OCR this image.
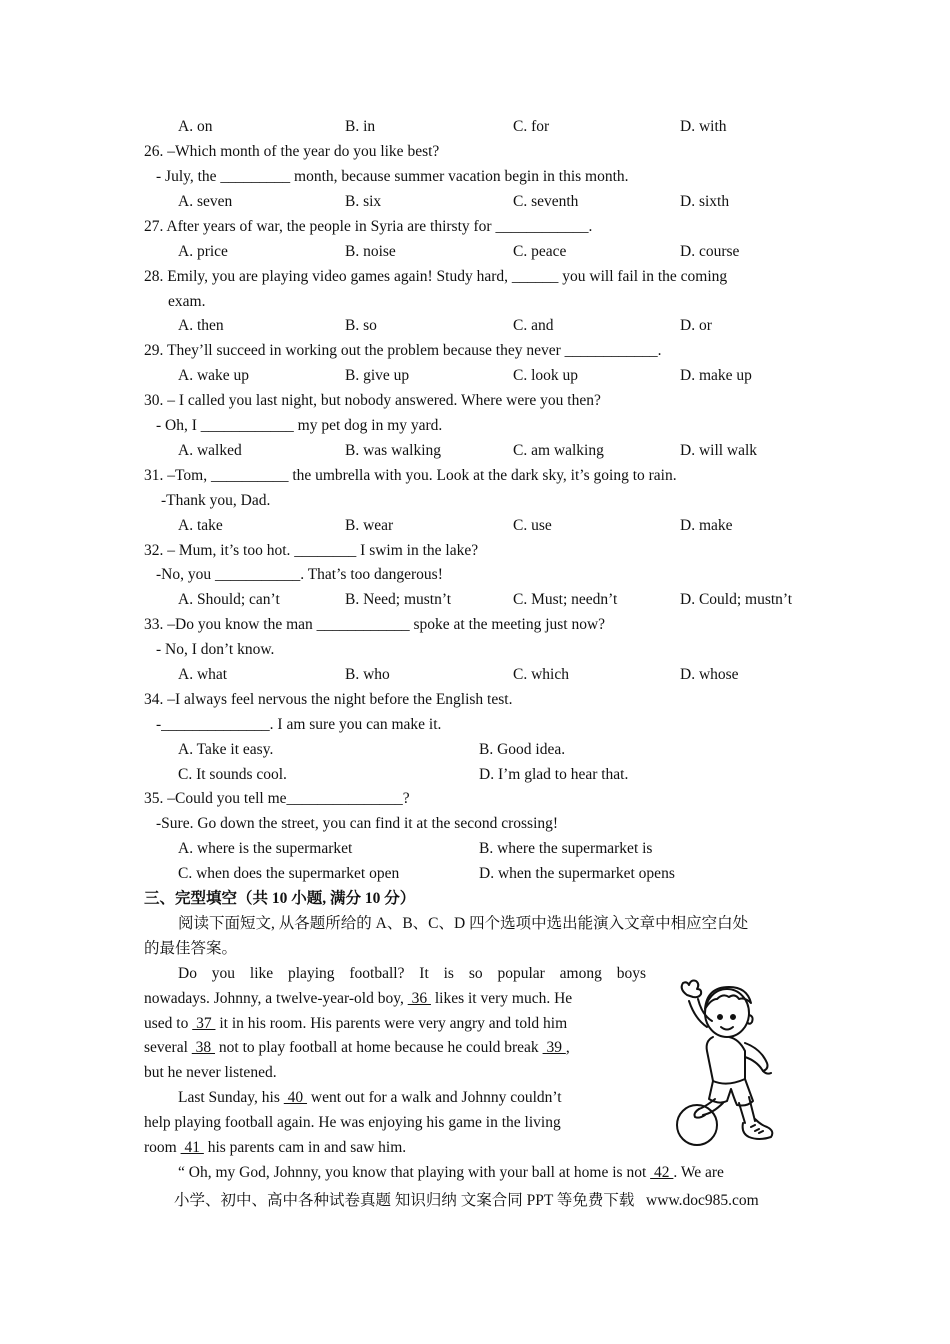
A. on	B. in	C. for	D. with
26. –Which month of the year do you like best?
- July, the _________ month, because summer vacation begin in this month.
A. seven	B. six	C. seventh	D. sixth
27. After years of war, the people in Syria are thirsty for ____________.
A. price	B. noise	C. peace	D. course
28. Emily, you are playing video games again! Study hard, ______ you will fail in the coming
exam.
A. then	B. so	C. and	D. or
29. They’ll succeed in working out the problem because they never ____________.
A. wake up	B. give up	C. look up	D. make up
30. – I called you last night, but nobody answered. Where were you then?
- Oh, I ____________ my pet dog in my yard.
A. walked	B. was walking	C. am walking	D. will walk
31. –Tom, __________ the umbrella with you. Look at the dark sky, it’s going to rain.
-Thank you, Dad.
A. take	B. wear	C. use	D. make
32. – Mum, it’s too hot. ________ I swim in the lake?
-No, you ___________. That’s too dangerous!
A. Should; can’t	B. Need; mustn’t	C. Must; needn’t	D. Could; mustn’t
33. –Do you know the man ____________ spoke at the meeting just now?
- No, I don’t know.
A. what	B. who	C. which	D. whose
34. –I always feel nervous the night before the English test.
-______________. I am sure you can make it.
A. Take it easy.	B. Good idea.
C. It sounds cool.	D. I’m glad to hear that.
35. –Could you tell me_______________?
-Sure. Go down the street, you can find it at the second crossing!
A. where is the supermarket	B. where the supermarket is
C. when does the supermarket open	D. when the supermarket opens
三、完型填空（共 10 小题, 满分 10 分）
阅读下面短文, 从各题所给的 A、B、C、D 四个选项中选出能演入文章中相应空白处
的最佳答案。
Do you like playing football? It is so popular among boys
nowadays. Johnny, a twelve-year-old boy,  36  likes it very much. He
used to  37  it in his room. His parents were very angry and told him
several  38  not to play football at home because he could break  39 ,
but he never listened.
Last Sunday, his  40  went out for a walk and Johnny couldn’t
help playing football again. He was enjoying his game in the living
room  41  his parents cam in and saw him.
“ Oh, my God, Johnny, you know that playing with your ball at home is not  42 . We are
小学、初中、高中各种试卷真题 知识归纳 文案合同 PPT 等免费下载   www.doc985.com
